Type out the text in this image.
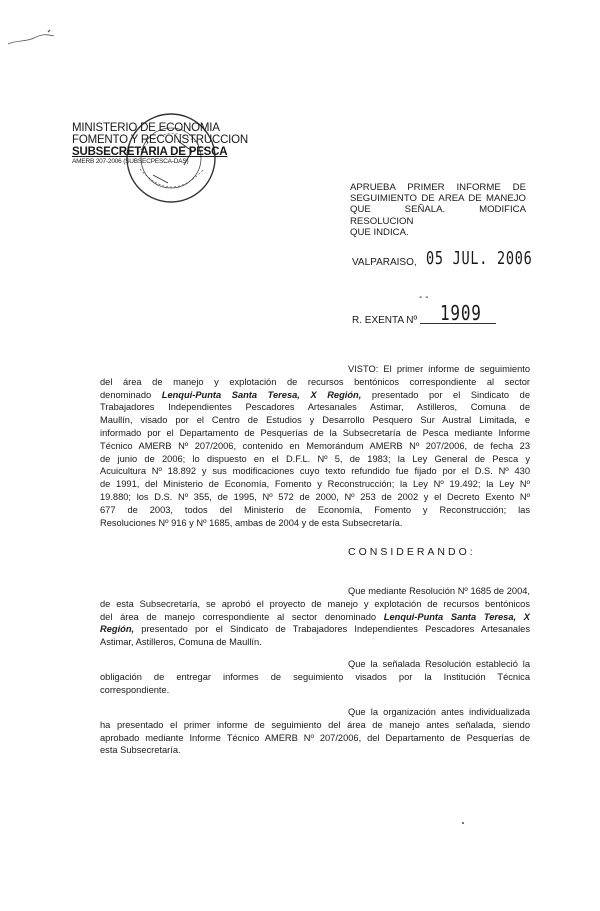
MINISTERIO DE ECONOMIA
FOMENTO Y RECONSTRUCCION
SUBSECRETARIA DE PESCA
AMERB 207-2006 (SUBSECPESCA-DAS)
APRUEBA PRIMER INFORME DE
SEGUIMIENTO DE AREA DE MANEJO
QUE SEÑALA. MODIFICA RESOLUCION
QUE INDICA.
VALPARAISO, 05 JUL. 2006
- -
R. EXENTA Nº 1909
VISTO: El primer informe de seguimiento
del área de manejo y explotación de recursos bentónicos correspondiente al sector
denominado Lenqui-Punta Santa Teresa, X Región, presentado por el Sindicato de
Trabajadores Independientes Pescadores Artesanales Astimar, Astilleros, Comuna de
Maullín, visado por el Centro de Estudios y Desarrollo Pesquero Sur Austral Limitada, e
informado por el Departamento de Pesquerías de la Subsecretaría de Pesca mediante Informe
Técnico AMERB Nº 207/2006, contenido en Memorándum AMERB Nº 207/2006, de fecha 23
de junio de 2006; lo dispuesto en el D.F.L. Nº 5, de 1983; la Ley General de Pesca y
Acuicultura Nº 18.892 y sus modificaciones cuyo texto refundido fue fijado por el D.S. Nº 430
de 1991, del Ministerio de Economía, Fomento y Reconstrucción; la Ley Nº 19.492; la Ley Nº
19.880; los D.S. Nº 355, de 1995, Nº 572 de 2000, Nº 253 de 2002 y el Decreto Exento Nº
677 de 2003, todos del Ministerio de Economía, Fomento y Reconstrucción; las
Resoluciones Nº 916 y Nº 1685, ambas de 2004 y de esta Subsecretaría.
CONSIDERANDO:
Que mediante Resolución Nº 1685 de 2004,
de esta Subsecretaría, se aprobó el proyecto de manejo y explotación de recursos bentónicos
del área de manejo correspondiente al sector denominado Lenqui-Punta Santa Teresa, X
Región, presentado por el Sindicato de Trabajadores Independientes Pescadores Artesanales
Astimar, Astilleros, Comuna de Maullín.
Que la señalada Resolución estableció la
obligación de entregar informes de seguimiento visados por la Institución Técnica
correspondiente.
Que la organización antes individualizada
ha presentado el primer informe de seguimiento del área de manejo antes señalada, siendo
aprobado mediante Informe Técnico AMERB Nº 207/2006, del Departamento de Pesquerías de
esta Subsecretaría.
